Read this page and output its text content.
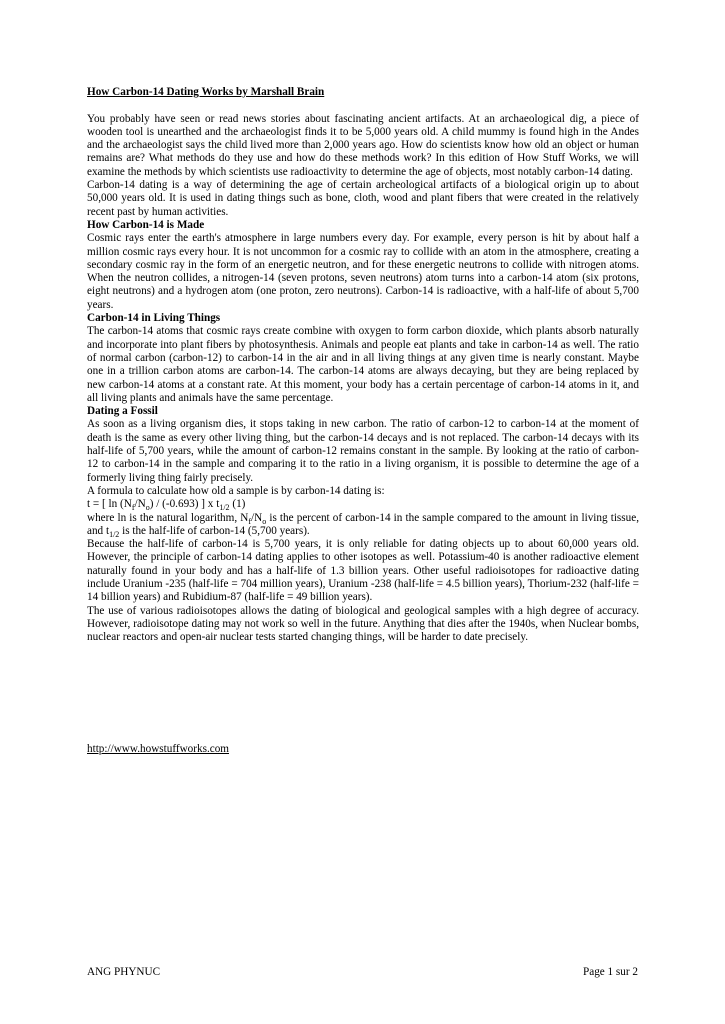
How Carbon-14 Dating Works by Marshall Brain

You probably have seen or read news stories about fascinating ancient artifacts. At an archaeological dig, a piece of wooden tool is unearthed and the archaeologist finds it to be 5,000 years old. A child mummy is found high in the Andes and the archaeologist says the child lived more than 2,000 years ago. How do scientists know how old an object or human remains are? What methods do they use and how do these methods work? In this edition of How Stuff Works, we will examine the methods by which scientists use radioactivity to determine the age of objects, most notably carbon-14 dating.

Carbon-14 dating is a way of determining the age of certain archeological artifacts of a biological origin up to about 50,000 years old. It is used in dating things such as bone, cloth, wood and plant fibers that were created in the relatively recent past by human activities.

How Carbon-14 is Made

Cosmic rays enter the earth's atmosphere in large numbers every day. For example, every person is hit by about half a million cosmic rays every hour. It is not uncommon for a cosmic ray to collide with an atom in the atmosphere, creating a secondary cosmic ray in the form of an energetic neutron, and for these energetic neutrons to collide with nitrogen atoms. When the neutron collides, a nitrogen-14 (seven protons, seven neutrons) atom turns into a carbon-14 atom (six protons, eight neutrons) and a hydrogen atom (one proton, zero neutrons). Carbon-14 is radioactive, with a half-life of about 5,700 years.

Carbon-14 in Living Things

The carbon-14 atoms that cosmic rays create combine with oxygen to form carbon dioxide, which plants absorb naturally and incorporate into plant fibers by photosynthesis. Animals and people eat plants and take in carbon-14 as well. The ratio of normal carbon (carbon-12) to carbon-14 in the air and in all living things at any given time is nearly constant. Maybe one in a trillion carbon atoms are carbon-14. The carbon-14 atoms are always decaying, but they are being replaced by new carbon-14 atoms at a constant rate. At this moment, your body has a certain percentage of carbon-14 atoms in it, and all living plants and animals have the same percentage.

Dating a Fossil

As soon as a living organism dies, it stops taking in new carbon. The ratio of carbon-12 to carbon-14 at the moment of death is the same as every other living thing, but the carbon-14 decays and is not replaced. The carbon-14 decays with its half-life of 5,700 years, while the amount of carbon-12 remains constant in the sample. By looking at the ratio of carbon-12 to carbon-14 in the sample and comparing it to the ratio in a living organism, it is possible to determine the age of a formerly living thing fairly precisely.

A formula to calculate how old a sample is by carbon-14 dating is:

t = [ $\ln (N_f/N_o) / (-0.693)$ ] x $t_{1/2}$ (1)

where ln is the natural logarithm, $N_f/N_o$ is the percent of carbon-14 in the sample compared to the amount in living tissue, and $t_{1/2}$ is the half-life of carbon-14 (5,700 years).

Because the half-life of carbon-14 is 5,700 years, it is only reliable for dating objects up to about 60,000 years old. However, the principle of carbon-14 dating applies to other isotopes as well. Potassium-40 is another radioactive element naturally found in your body and has a half-life of 1.3 billion years. Other useful radioisotopes for radioactive dating include Uranium -235 (half-life = 704 million years), Uranium -238 (half-life = 4.5 billion years), Thorium-232 (half-life = 14 billion years) and Rubidium-87 (half-life = 49 billion years).

The use of various radioisotopes allows the dating of biological and geological samples with a high degree of accuracy. However, radioisotope dating may not work so well in the future. Anything that dies after the 1940s, when Nuclear bombs, nuclear reactors and open-air nuclear tests started changing things, will be harder to date precisely.

http://www.howstuffworks.com
ANG PHYNUC	Page 1 sur 2
